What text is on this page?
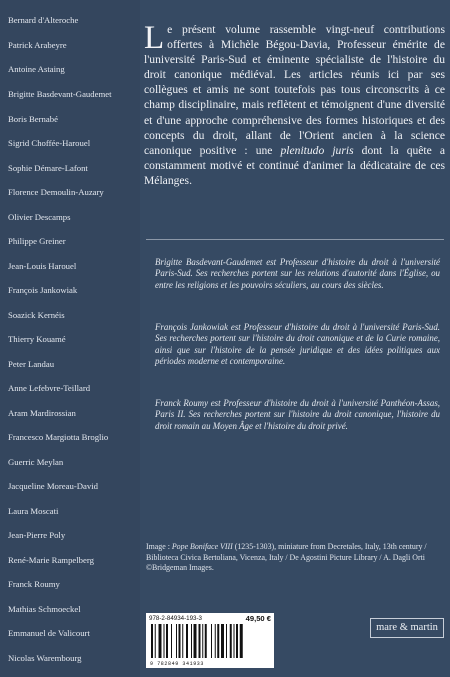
Bernard d'Alteroche
Patrick Arabeyre
Antoine Astaing
Brigitte Basdevant-Gaudemet
Boris Bernabé
Sigrid Choffée-Harouel
Sophie Démare-Lafont
Florence Demoulin-Auzary
Olivier Descamps
Philippe Greiner
Jean-Louis Harouel
François Jankowiak
Soazick Kernéis
Thierry Kouamé
Peter Landau
Anne Lefebvre-Teillard
Aram Mardirossian
Francesco Margiotta Broglio
Guerric Meylan
Jacqueline Moreau-David
Laura Moscati
Jean-Pierre Poly
René-Marie Rampelberg
Franck Roumy
Mathias Schmoeckel
Emmanuel de Valicourt
Nicolas Warembourg
Le présent volume rassemble vingt-neuf contributions offertes à Michèle Bégou-Davia, Professeur émérite de l'université Paris-Sud et éminente spécialiste de l'histoire du droit canonique médiéval. Les articles réunis ici par ses collègues et amis ne sont toutefois pas tous circonscrits à ce champ disciplinaire, mais reflètent et témoignent d'une diversité et d'une approche compréhensive des formes historiques et des concepts du droit, allant de l'Orient ancien à la science canonique positive : une plenitudo juris dont la quête a constamment motivé et continué d'animer la dédicataire de ces Mélanges.
Brigitte Basdevant-Gaudemet est Professeur d'histoire du droit à l'université Paris-Sud. Ses recherches portent sur les relations d'autorité dans l'Église, ou entre les religions et les pouvoirs séculiers, au cours des siècles.
François Jankowiak est Professeur d'histoire du droit à l'université Paris-Sud. Ses recherches portent sur l'histoire du droit canonique et de la Curie romaine, ainsi que sur l'histoire de la pensée juridique et des idées politiques aux périodes moderne et contemporaine.
Franck Roumy est Professeur d'histoire du droit à l'université Panthéon-Assas, Paris II. Ses recherches portent sur l'histoire du droit canonique, l'histoire du droit romain au Moyen Âge et l'histoire du droit privé.
Image : Pope Boniface VIII (1235-1303), miniature from Decretales, Italy, 13th century / Biblioteca Civica Bertoliana, Vicenza, Italy / De Agostini Picture Library / A. Dagli Orti ©Bridgeman Images.
978-2-84934-193-3	49,50 €
9 782849 341933
mare & martin
